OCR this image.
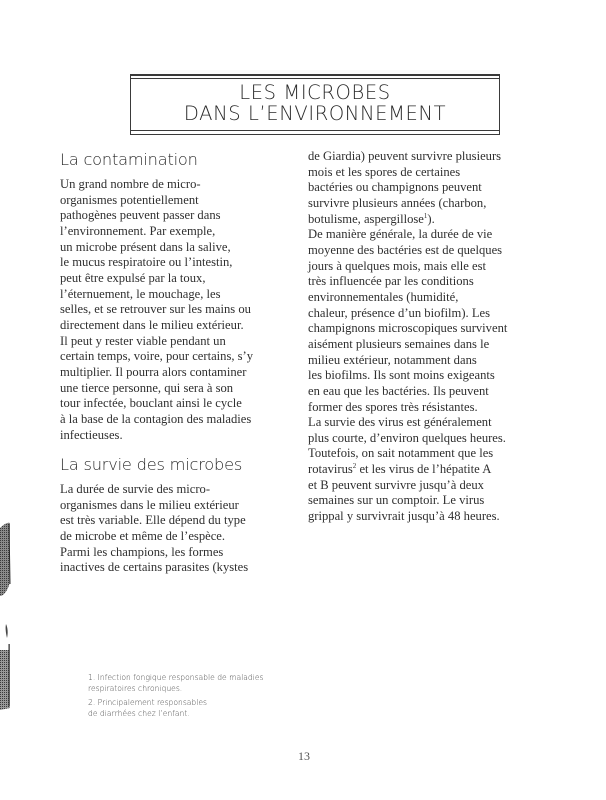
LES MICROBES
DANS L’ENVIRONNEMENT
La contamination

Un grand nombre de micro-
organismes potentiellement
pathogènes peuvent passer dans
l’environnement. Par exemple,
un microbe présent dans la salive,
le mucus respiratoire ou l’intestin,
peut être expulsé par la toux,
l’éternuement, le mouchage, les
selles, et se retrouver sur les mains ou
directement dans le milieu extérieur.
Il peut y rester viable pendant un
certain temps, voire, pour certains, s’y
multiplier. Il pourra alors contaminer
une tierce personne, qui sera à son
tour infectée, bouclant ainsi le cycle
à la base de la contagion des maladies
infectieuses.

La survie des microbes

La durée de survie des micro-
organismes dans le milieu extérieur
est très variable. Elle dépend du type
de microbe et même de l’espèce.
Parmi les champions, les formes
inactives de certains parasites (kystes

de Giardia) peuvent survivre plusieurs
mois et les spores de certaines
bactéries ou champignons peuvent
survivre plusieurs années (charbon,
botulisme, aspergillose$^1$).
De manière générale, la durée de vie
moyenne des bactéries est de quelques
jours à quelques mois, mais elle est
très influencée par les conditions
environnementales (humidité,
chaleur, présence d’un biofilm). Les
champignons microscopiques survivent
aisément plusieurs semaines dans le
milieu extérieur, notamment dans
les biofilms. Ils sont moins exigeants
en eau que les bactéries. Ils peuvent
former des spores très résistantes.
La survie des virus est généralement
plus courte, d’environ quelques heures.
Toutefois, on sait notamment que les
rotavirus$^2$ et les virus de l’hépatite A
et B peuvent survivre jusqu’à deux
semaines sur un comptoir. Le virus
grippal y survivrait jusqu’à 48 heures.

1. Infection fongique responsable de maladies
respiratoires chroniques.
2. Principalement responsables
de diarrhées chez l’enfant.
13
